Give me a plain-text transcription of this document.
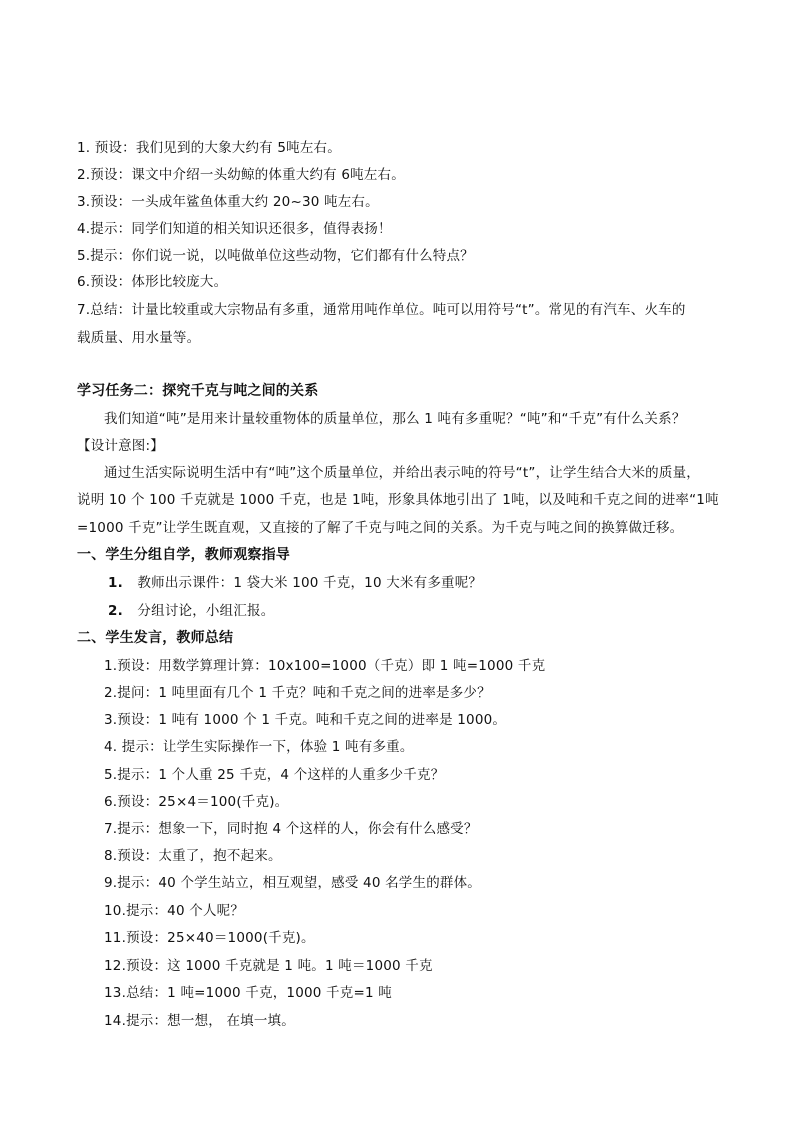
1. 预设：我们见到的大象大约有 5吨左右。
2.预设：课文中介绍一头幼鲸的体重大约有 6吨左右。
3.预设：一头成年鲨鱼体重大约 20~30 吨左右。
4.提示：同学们知道的相关知识还很多，值得表扬！
5.提示：你们说一说，以吨做单位这些动物，它们都有什么特点？
6.预设：体形比较庞大。
7.总结：计量比较重或大宗物品有多重，通常用吨作单位。吨可以用符号“t”。常见的有汽车、火车的
载质量、用水量等。
学习任务二：探究千克与吨之间的关系
我们知道“吨”是用来计量较重物体的质量单位，那么 1 吨有多重呢？“吨”和“千克”有什么关系？
【设计意图:】
通过生活实际说明生活中有“吨”这个质量单位，并给出表示吨的符号“t”，让学生结合大米的质量，
说明 10 个 100 千克就是 1000 千克，也是 1吨，形象具体地引出了 1吨，以及吨和千克之间的进率“1吨
=1000 千克”让学生既直观，又直接的了解了千克与吨之间的关系。为千克与吨之间的换算做迁移。
一、学生分组自学，教师观察指导
1. 教师出示课件：1 袋大米 100 千克，10 大米有多重呢？
2. 分组讨论，小组汇报。
二、学生发言，教师总结
1.预设：用数学算理计算：10x100=1000（千克）即 1 吨=1000 千克
2.提问：1 吨里面有几个 1 千克？吨和千克之间的进率是多少？
3.预设：1 吨有 1000 个 1 千克。吨和千克之间的进率是 1000。
4. 提示：让学生实际操作一下，体验 1 吨有多重。
5.提示：1 个人重 25 千克，4 个这样的人重多少千克？
6.预设：25×4＝100(千克)。
7.提示：想象一下，同时抱 4 个这样的人，你会有什么感受？
8.预设：太重了，抱不起来。
9.提示：40 个学生站立，相互观望，感受 40 名学生的群体。
10.提示：40 个人呢？
11.预设：25×40＝1000(千克)。
12.预设：这 1000 千克就是 1 吨。1 吨＝1000 千克
13.总结：1 吨=1000 千克，1000 千克=1 吨
14.提示：想一想， 在填一填。
